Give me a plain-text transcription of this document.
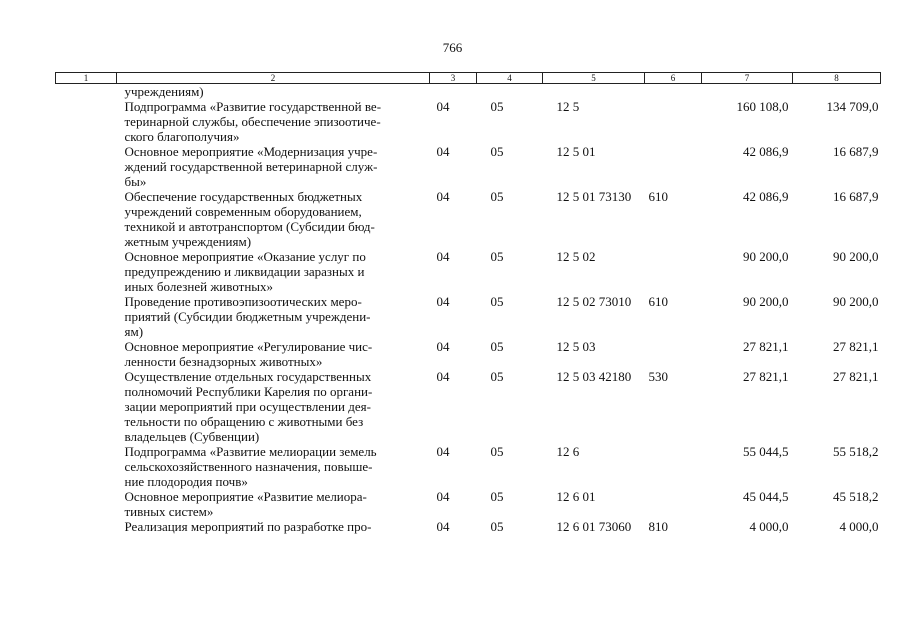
766
1	2	3	4	5	6	7	8

	учреждениям)						

	Подпрограмма «Развитие государственной ве-
теринарной службы, обеспечение эпизоотиче-
ского благополучия»	04	05	12 5		160 108,0	134 709,0

	Основное мероприятие «Модернизация учре-
ждений государственной ветеринарной служ-
бы»	04	05	12 5 01		42 086,9	16 687,9

	Обеспечение государственных бюджетных
учреждений современным оборудованием,
техникой и автотранспортом (Субсидии бюд-
жетным учреждениям)	04	05	12 5 01 73130	610	42 086,9	16 687,9

	Основное мероприятие «Оказание услуг по
предупреждению и ликвидации заразных и
иных болезней животных»	04	05	12 5 02		90 200,0	90 200,0

	Проведение противоэпизоотических меро-
приятий (Субсидии бюджетным учреждени-
ям)	04	05	12 5 02 73010	610	90 200,0	90 200,0

	Основное мероприятие «Регулирование чис-
ленности безнадзорных животных»	04	05	12 5 03		27 821,1	27 821,1

	Осуществление отдельных государственных
полномочий Республики Карелия по органи-
зации мероприятий при осуществлении дея-
тельности по обращению с животными без
владельцев (Субвенции)	04	05	12 5 03 42180	530	27 821,1	27 821,1

	Подпрограмма «Развитие мелиорации земель
сельскохозяйственного назначения, повыше-
ние плодородия почв»	04	05	12 6		55 044,5	55 518,2

	Основное мероприятие «Развитие мелиора-
тивных систем»	04	05	12 6 01		45 044,5	45 518,2

	Реализация мероприятий по разработке про-	04	05	12 6 01 73060	810	4 000,0	4 000,0
